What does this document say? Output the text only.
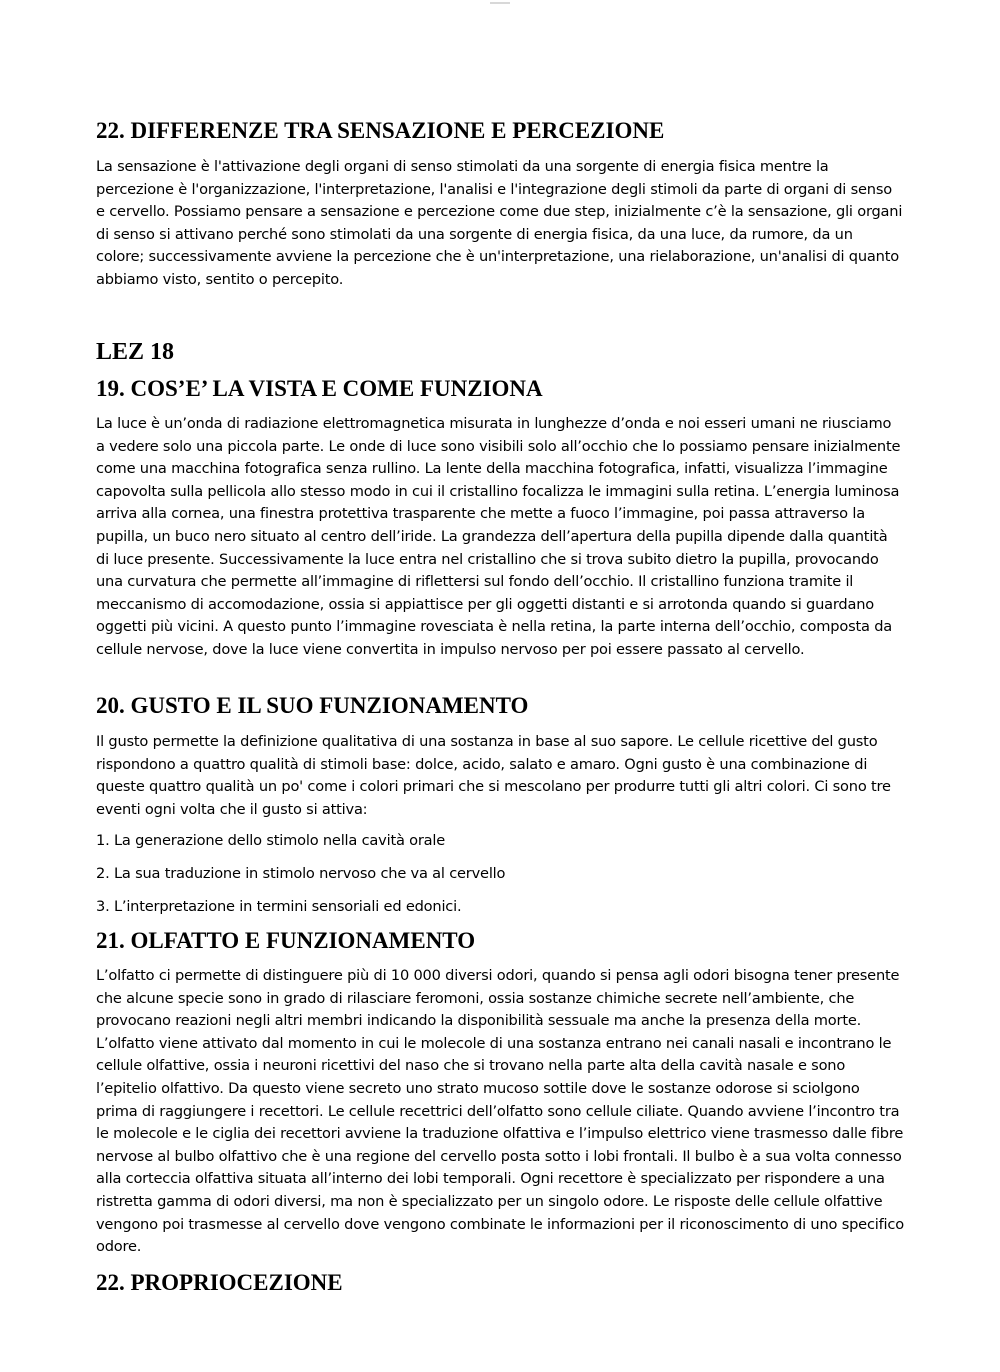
22. DIFFERENZE TRA SENSAZIONE E PERCEZIONE

La sensazione è l'attivazione degli organi di senso stimolati da una sorgente di energia fisica mentre la percezione è l'organizzazione, l'interpretazione, l'analisi e l'integrazione degli stimoli da parte di organi di senso e cervello. Possiamo pensare a sensazione e percezione come due step, inizialmente c’è la sensazione, gli organi di senso si attivano perché sono stimolati da una sorgente di energia fisica, da una luce, da rumore, da un colore; successivamente avviene la percezione che è un'interpretazione, una rielaborazione, un'analisi di quanto abbiamo visto, sentito o percepito.

LEZ 18
19. COS’E’ LA VISTA E COME FUNZIONA

La luce è un’onda di radiazione elettromagnetica misurata in lunghezze d’onda e noi esseri umani ne riusciamo a vedere solo una piccola parte. Le onde di luce sono visibili solo all’occhio che lo possiamo pensare inizialmente come una macchina fotografica senza rullino. La lente della macchina fotografica, infatti, visualizza l’immagine capovolta sulla pellicola allo stesso modo in cui il cristallino focalizza le immagini sulla retina. L’energia luminosa arriva alla cornea, una finestra protettiva trasparente che mette a fuoco l’immagine, poi passa attraverso la pupilla, un buco nero situato al centro dell’iride. La grandezza dell’apertura della pupilla dipende dalla quantità di luce presente. Successivamente la luce entra nel cristallino che si trova subito dietro la pupilla, provocando una curvatura che permette all’immagine di riflettersi sul fondo dell’occhio. Il cristallino funziona tramite il meccanismo di accomodazione, ossia si appiattisce per gli oggetti distanti e si arrotonda quando si guardano oggetti più vicini. A questo punto l’immagine rovesciata è nella retina, la parte interna dell’occhio, composta da cellule nervose, dove la luce viene convertita in impulso nervoso per poi essere passato al cervello.

20. GUSTO E IL SUO FUNZIONAMENTO

Il gusto permette la definizione qualitativa di una sostanza in base al suo sapore. Le cellule ricettive del gusto rispondono a quattro qualità di stimoli base: dolce, acido, salato e amaro. Ogni gusto è una combinazione di queste quattro qualità un po' come i colori primari che si mescolano per produrre tutti gli altri colori. Ci sono tre eventi ogni volta che il gusto si attiva:

1. La generazione dello stimolo nella cavità orale

2. La sua traduzione in stimolo nervoso che va al cervello

3. L’interpretazione in termini sensoriali ed edonici.

21. OLFATTO E FUNZIONAMENTO

L’olfatto ci permette di distinguere più di 10 000 diversi odori, quando si pensa agli odori bisogna tener presente che alcune specie sono in grado di rilasciare feromoni, ossia sostanze chimiche secrete nell’ambiente, che provocano reazioni negli altri membri indicando la disponibilità sessuale ma anche la presenza della morte. L’olfatto viene attivato dal momento in cui le molecole di una sostanza entrano nei canali nasali e incontrano le cellule olfattive, ossia i neuroni ricettivi del naso che si trovano nella parte alta della cavità nasale e sono l’epitelio olfattivo. Da questo viene secreto uno strato mucoso sottile dove le sostanze odorose si sciolgono prima di raggiungere i recettori. Le cellule recettrici dell’olfatto sono cellule ciliate. Quando avviene l’incontro tra le molecole e le ciglia dei recettori avviene la traduzione olfattiva e l’impulso elettrico viene trasmesso dalle fibre nervose al bulbo olfattivo che è una regione del cervello posta sotto i lobi frontali. Il bulbo è a sua volta connesso alla corteccia olfattiva situata all’interno dei lobi temporali. Ogni recettore è specializzato per rispondere a una ristretta gamma di odori diversi, ma non è specializzato per un singolo odore. Le risposte delle cellule olfattive vengono poi trasmesse al cervello dove vengono combinate le informazioni per il riconoscimento di uno specifico odore.

22. PROPRIOCEZIONE
